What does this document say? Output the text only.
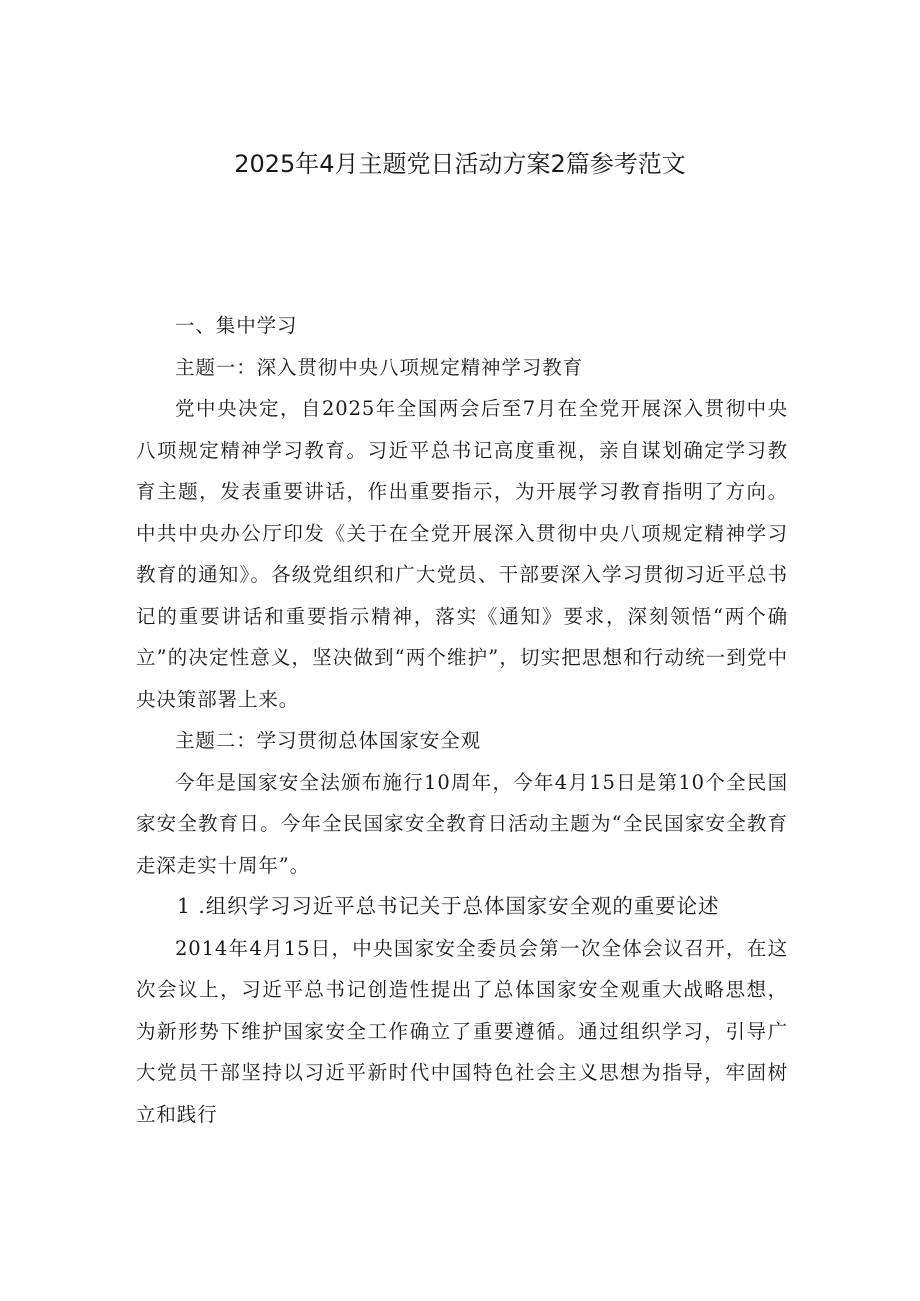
2025年4月主题党日活动方案2篇参考范文

一、集中学习

主题一：深入贯彻中央八项规定精神学习教育

党中央决定，自2025年全国两会后至7月在全党开展深入贯彻中央八项规定精神学习教育。习近平总书记高度重视，亲自谋划确定学习教育主题，发表重要讲话，作出重要指示，为开展学习教育指明了方向。中共中央办公厅印发《关于在全党开展深入贯彻中央八项规定精神学习教育的通知》。各级党组织和广大党员、干部要深入学习贯彻习近平总书记的重要讲话和重要指示精神，落实《通知》要求，深刻领悟“两个确立”的决定性意义，坚决做到“两个维护”，切实把思想和行动统一到党中央决策部署上来。

主题二：学习贯彻总体国家安全观

今年是国家安全法颁布施行10周年，今年4月15日是第10个全民国家安全教育日。今年全民国家安全教育日活动主题为“全民国家安全教育走深走实十周年”。

1 .组织学习习近平总书记关于总体国家安全观的重要论述

2014年4月15日，中央国家安全委员会第一次全体会议召开，在这次会议上，习近平总书记创造性提出了总体国家安全观重大战略思想，为新形势下维护国家安全工作确立了重要遵循。通过组织学习，引导广大党员干部坚持以习近平新时代中国特色社会主义思想为指导，牢固树立和践行
